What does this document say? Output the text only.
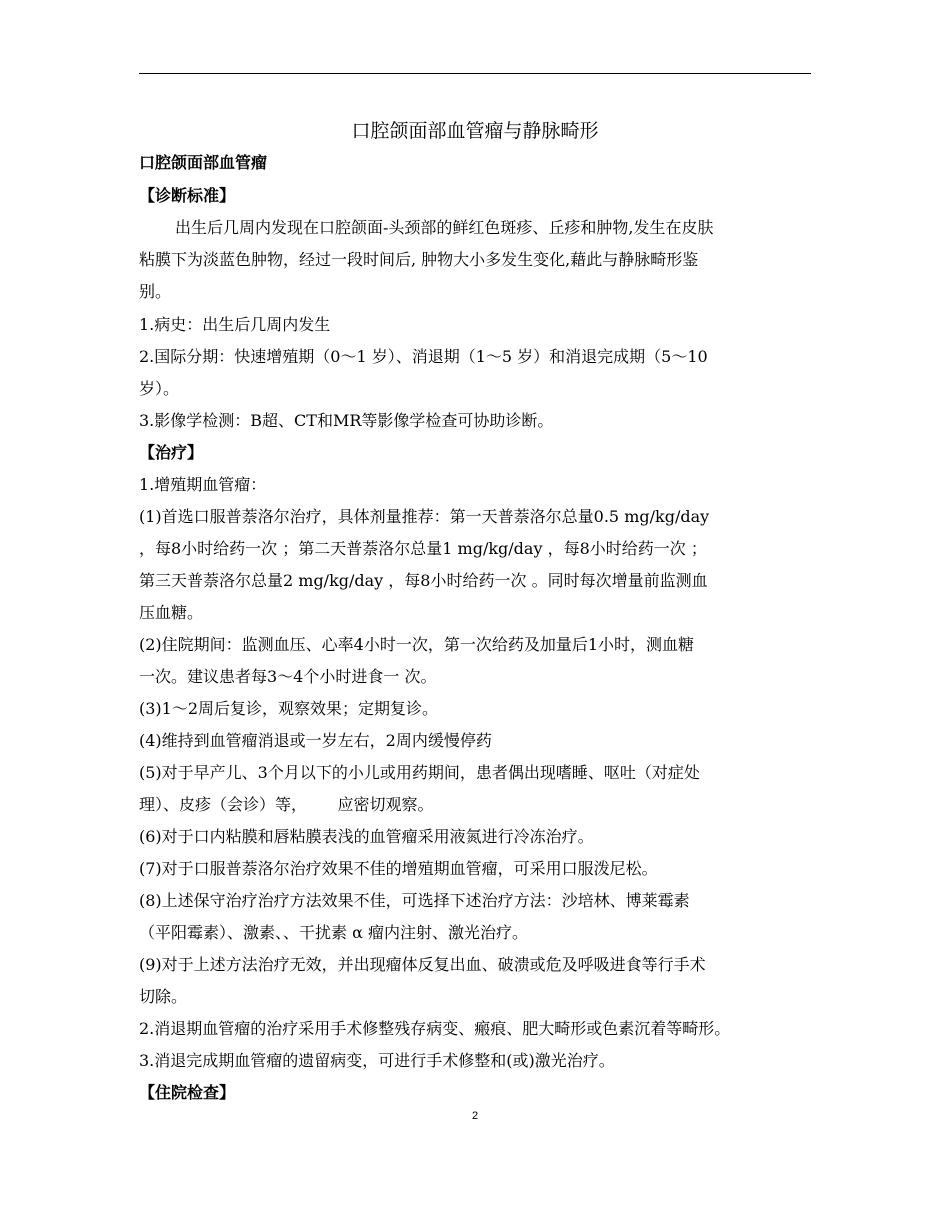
口腔颌面部血管瘤与静脉畸形
口腔颌面部血管瘤
【诊断标准】
出生后几周内发现在口腔颌面-头颈部的鲜红色斑疹、丘疹和肿物,发生在皮肤
粘膜下为淡蓝色肿物，经过一段时间后, 肿物大小多发生变化,藉此与静脉畸形鉴
别。
1.病史：出生后几周内发生
2.国际分期：快速增殖期（0～1 岁）、消退期（1～5 岁）和消退完成期（5～10
岁）。
3.影像学检测：B超、CT和MR等影像学检查可协助诊断。
【治疗】
1.增殖期血管瘤：
(1)首选口服普萘洛尔治疗，具体剂量推荐：第一天普萘洛尔总量0.5 mg/kg/day
，每8小时给药一次 ；第二天普萘洛尔总量1 mg/kg/day ，每8小时给药一次 ；
第三天普萘洛尔总量2 mg/kg/day ，每8小时给药一次 。同时每次增量前监测血
压血糖。
(2)住院期间：监测血压、心率4小时一次，第一次给药及加量后1小时，测血糖
一次。建议患者每3～4个小时进食一 次。
(3)1～2周后复诊，观察效果；定期复诊。
(4)维持到血管瘤消退或一岁左右，2周内缓慢停药
(5)对于早产儿、3个月以下的小儿或用药期间，患者偶出现嗜睡、呕吐（对症处
理）、皮疹（会诊）等，      应密切观察。
(6)对于口内粘膜和唇粘膜表浅的血管瘤采用液氮进行冷冻治疗。
(7)对于口服普萘洛尔治疗效果不佳的增殖期血管瘤，可采用口服泼尼松。
(8)上述保守治疗治疗方法效果不佳，可选择下述治疗方法：沙培林、博莱霉素
（平阳霉素）、激素、、干扰素 α 瘤内注射、激光治疗。
(9)对于上述方法治疗无效，并出现瘤体反复出血、破溃或危及呼吸进食等行手术
切除。
2.消退期血管瘤的治疗采用手术修整残存病变、瘢痕、肥大畸形或色素沉着等畸形。
3.消退完成期血管瘤的遗留病变，可进行手术修整和(或)激光治疗。
【住院检查】
2
